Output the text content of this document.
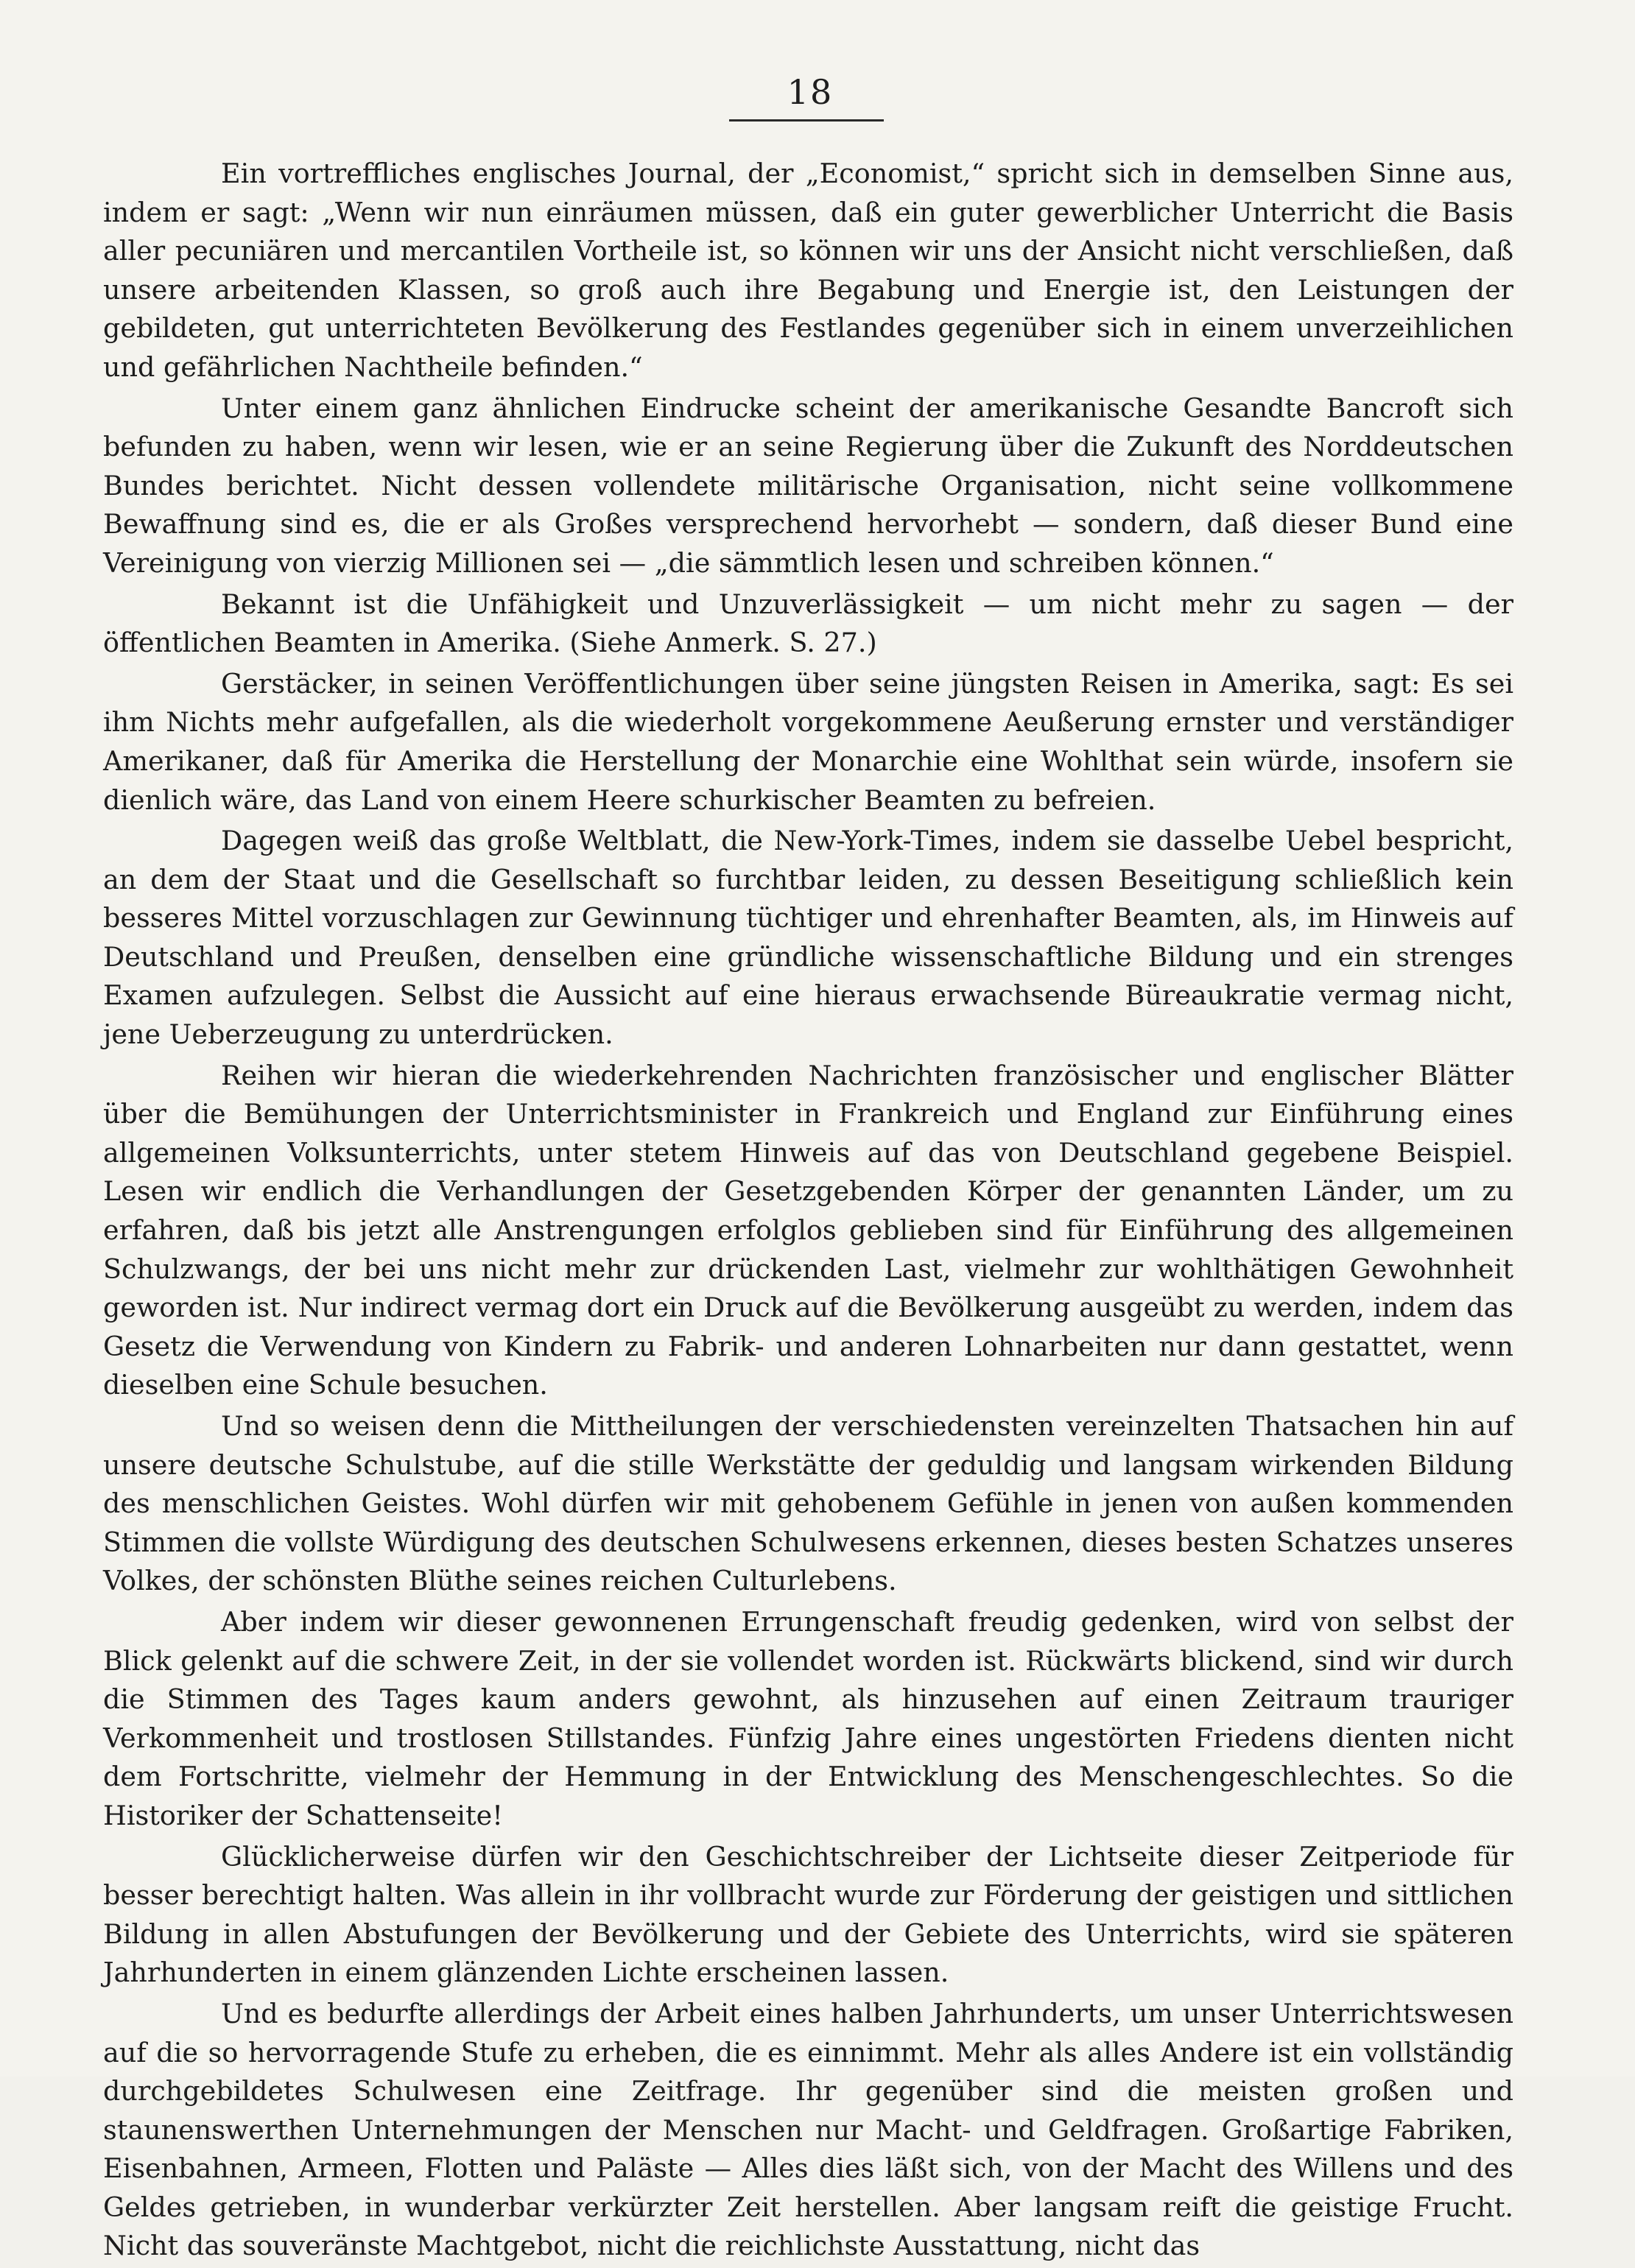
18

Ein vortreffliches englisches Journal, der „Economist,“ spricht sich in demselben Sinne aus, indem er sagt: „Wenn wir nun einräumen müssen, daß ein guter gewerblicher Unterricht die Basis aller pecuniären und mercantilen Vortheile ist, so können wir uns der Ansicht nicht verschließen, daß unsere arbeitenden Klassen, so groß auch ihre Begabung und Energie ist, den Leistungen der gebildeten, gut unterrichteten Bevölkerung des Festlandes gegenüber sich in einem unverzeihlichen und gefährlichen Nachtheile befinden.“

Unter einem ganz ähnlichen Eindrucke scheint der amerikanische Gesandte Bancroft sich befunden zu haben, wenn wir lesen, wie er an seine Regierung über die Zukunft des Norddeutschen Bundes berichtet. Nicht dessen vollendete militärische Organisation, nicht seine vollkommene Bewaffnung sind es, die er als Großes versprechend hervorhebt — sondern, daß dieser Bund eine Vereinigung von vierzig Millionen sei — „die sämmtlich lesen und schreiben können.“

Bekannt ist die Unfähigkeit und Unzuverlässigkeit — um nicht mehr zu sagen — der öffentlichen Beamten in Amerika. (Siehe Anmerk. S. 27.)

Gerstäcker, in seinen Veröffentlichungen über seine jüngsten Reisen in Amerika, sagt: Es sei ihm Nichts mehr aufgefallen, als die wiederholt vorgekommene Aeußerung ernster und verständiger Amerikaner, daß für Amerika die Herstellung der Monarchie eine Wohlthat sein würde, insofern sie dienlich wäre, das Land von einem Heere schurkischer Beamten zu befreien.

Dagegen weiß das große Weltblatt, die New-York-Times, indem sie dasselbe Uebel bespricht, an dem der Staat und die Gesellschaft so furchtbar leiden, zu dessen Beseitigung schließlich kein besseres Mittel vorzuschlagen zur Gewinnung tüchtiger und ehrenhafter Beamten, als, im Hinweis auf Deutschland und Preußen, denselben eine gründliche wissenschaftliche Bildung und ein strenges Examen aufzulegen. Selbst die Aussicht auf eine hieraus erwachsende Büreaukratie vermag nicht, jene Ueberzeugung zu unterdrücken.

Reihen wir hieran die wiederkehrenden Nachrichten französischer und englischer Blätter über die Bemühungen der Unterrichtsminister in Frankreich und England zur Einführung eines allgemeinen Volksunterrichts, unter stetem Hinweis auf das von Deutschland gegebene Beispiel. Lesen wir endlich die Verhandlungen der Gesetzgebenden Körper der genannten Länder, um zu erfahren, daß bis jetzt alle Anstrengungen erfolglos geblieben sind für Einführung des allgemeinen Schulzwangs, der bei uns nicht mehr zur drückenden Last, vielmehr zur wohlthätigen Gewohnheit geworden ist. Nur indirect vermag dort ein Druck auf die Bevölkerung ausgeübt zu werden, indem das Gesetz die Verwendung von Kindern zu Fabrik- und anderen Lohnarbeiten nur dann gestattet, wenn dieselben eine Schule besuchen.

Und so weisen denn die Mittheilungen der verschiedensten vereinzelten Thatsachen hin auf unsere deutsche Schulstube, auf die stille Werkstätte der geduldig und langsam wirkenden Bildung des menschlichen Geistes. Wohl dürfen wir mit gehobenem Gefühle in jenen von außen kommenden Stimmen die vollste Würdigung des deutschen Schulwesens erkennen, dieses besten Schatzes unseres Volkes, der schönsten Blüthe seines reichen Culturlebens.

Aber indem wir dieser gewonnenen Errungenschaft freudig gedenken, wird von selbst der Blick gelenkt auf die schwere Zeit, in der sie vollendet worden ist. Rückwärts blickend, sind wir durch die Stimmen des Tages kaum anders gewohnt, als hinzusehen auf einen Zeitraum trauriger Verkommenheit und trostlosen Stillstandes. Fünfzig Jahre eines ungestörten Friedens dienten nicht dem Fortschritte, vielmehr der Hemmung in der Entwicklung des Menschengeschlechtes. So die Historiker der Schattenseite!

Glücklicherweise dürfen wir den Geschichtschreiber der Lichtseite dieser Zeitperiode für besser berechtigt halten. Was allein in ihr vollbracht wurde zur Förderung der geistigen und sittlichen Bildung in allen Abstufungen der Bevölkerung und der Gebiete des Unterrichts, wird sie späteren Jahrhunderten in einem glänzenden Lichte erscheinen lassen.

Und es bedurfte allerdings der Arbeit eines halben Jahrhunderts, um unser Unterrichtswesen auf die so hervorragende Stufe zu erheben, die es einnimmt. Mehr als alles Andere ist ein vollständig durchgebildetes Schulwesen eine Zeitfrage. Ihr gegenüber sind die meisten großen und staunenswerthen Unternehmungen der Menschen nur Macht- und Geldfragen. Großartige Fabriken, Eisenbahnen, Armeen, Flotten und Paläste — Alles dies läßt sich, von der Macht des Willens und des Geldes getrieben, in wunderbar verkürzter Zeit herstellen. Aber langsam reift die geistige Frucht. Nicht das souveränste Machtgebot, nicht die reichlichste Ausstattung, nicht das
